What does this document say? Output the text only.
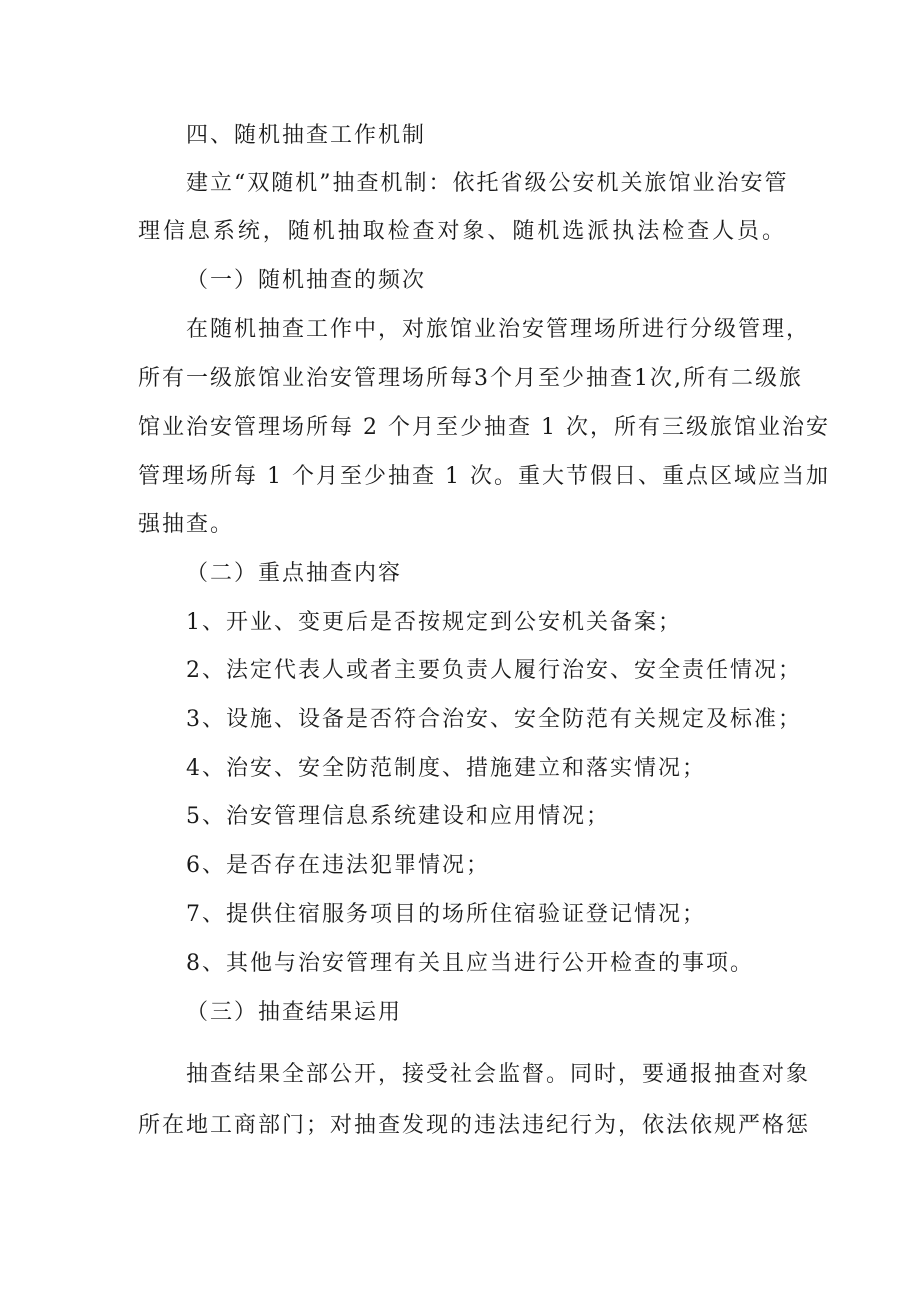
四、随机抽查工作机制
建立“双随机”抽查机制：依托省级公安机关旅馆业治安管
理信息系统，随机抽取检查对象、随机选派执法检查人员。
（一）随机抽查的频次
在随机抽查工作中，对旅馆业治安管理场所进行分级管理，
所有一级旅馆业治安管理场所每3个月至少抽查1次,所有二级旅
馆业治安管理场所每 2 个月至少抽查 1 次，所有三级旅馆业治安
管理场所每 1 个月至少抽查 1 次。重大节假日、重点区域应当加
强抽查。
（二）重点抽查内容
1、开业、变更后是否按规定到公安机关备案；
2、法定代表人或者主要负责人履行治安、安全责任情况；
3、设施、设备是否符合治安、安全防范有关规定及标准；
4、治安、安全防范制度、措施建立和落实情况；
5、治安管理信息系统建设和应用情况；
6、是否存在违法犯罪情况；
7、提供住宿服务项目的场所住宿验证登记情况；
8、其他与治安管理有关且应当进行公开检查的事项。
（三）抽查结果运用
抽查结果全部公开，接受社会监督。同时，要通报抽查对象
所在地工商部门；对抽查发现的违法违纪行为，依法依规严格惩
